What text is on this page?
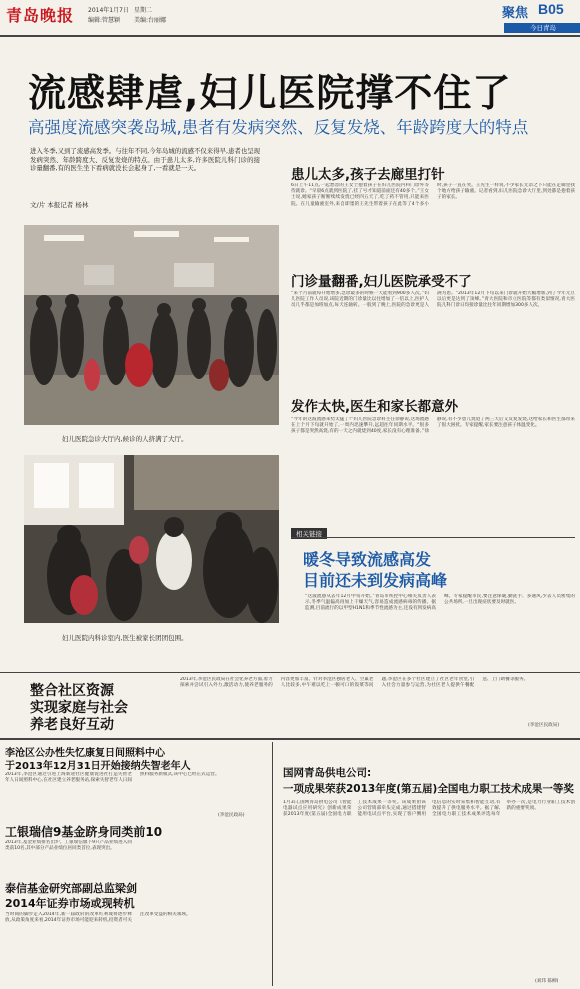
青岛晚报 2014年1月7日 星期二
编辑:管慧颖 美编:台丽娜	聚焦 B05
今日青岛
流感肆虐,妇儿医院撑不住了
高强度流感突袭岛城,患者有发病突然、反复发烧、年龄跨度大的特点
进入冬季,又到了流感高发季。与往年不同,今年岛城的流感不仅来得早,患者也呈现发病突然、年龄跨度大、反复发烧的特点。由于患儿太多,许多医院儿科门诊的接诊量翻番,有的医生坐下看病就没长会起身了,一看就是一天。
文/片 本报记者 杨林
妇儿医院急诊大厅内,候诊的人挤满了大厅。
妇儿医院内科诊室内,医生被家长团团包围。
患儿太多,孩子去廊里打针
6日上午11点,一起愁容的王女士抱着孩子在妇儿医院内科门诊外等待就诊。“早晨6点就到医院了,挂了号才知道前面还有40多个。”王女士说,她家孩子断断续续发烧已经四五天了,吃了药不管用,只能来医院。在儿童输液室外,来自即墨的王先生带着孩子在此等了4个多小时,孩子一直在哭。王先生一样说,不少家长无奈之下只能在走廊里找个地方给孩子输液。记者看到,妇儿医院急诊大厅里,到处都是抱着孩子的家长。
门诊量翻番,妇儿医院承受不了
“来个月前就每开始增多,急诊最多的时候一天能看到900多人次。”妇儿医院工作人员说,该院近期的门诊量比以往增加了一倍以上,医护人员几乎都是加班加点,每天连轴转。一般到了晚上,医院的急诊更是人满为患。“2013年12月下旬以来门诊就开始大幅增加,到了今年元旦以后更是达到了顶峰。”青大医院和市立医院等都有类似情况,青大医院儿科门诊日均接诊量比往年同期增加300多人次。
发作太快,医生和家长都意外
“今年的这波流感来势太猛了!”妇儿医院急诊科主任徐静说,这场流感在上个月下旬就开始了,一周内迅速攀升,远超往年同期水平。“很多孩子都是突然高烧,有的一天之内就烧到40度,家长没有心理准备。”徐静说,有不少患儿烧退了两三天后又反复发烧,这给家长和医生都带来了很大困扰。专家提醒,家长要注意孩子体温变化。
相关链接
暖冬导致流感高发
目前还未到发病高峰
“这波流感从去年12月中旬开始。”青岛市疾控中心相关负责人表示,冬季气温偏高再加上干燥天气,容易造成流感病毒的传播。据监测,目前流行的以甲型H1N1和季节性流感为主,还没有到发病高峰。专家提醒市民,要注意保暖,勤洗手、多通风,少去人员密集的公共场所,一旦出现症状要及时就医。
整合社区资源
实现家庭与社会
养老良好互动
2013年,李沧区民政局在社会化养老方面,着力探索并尝试引入外力,激活动力,使养老服务的内容更加丰富。针对李沧区独居老人、空巢老人比较多,中午难以吃上一顿可口的饭菜等问题,李沧区在多个社区建立了社区老年食堂,引入社会力量参与运营,为社区老人提供午餐配送、上门助餐等服务。
(李沧区民政局)
李沧区公办性失忆康复日间照料中心
于2013年12月31日开始接纳失智老年人
2013年,李沧区通过引进上海新途社区健康促进社打造失智老年人日间照料中心,在社区建立养老服务站,探索失智老年人日间照料服务新模式,该中心已经正式运营。
(李沧民政局)
工银瑞信9基金跻身同类前10
2013年,基金业绩排名出炉。工银瑞信旗下9只产品业绩进入同类前10名,其中部分产品业绩位居同类首位,表现突出。
泰信基金研究部副总监梁剑
2014年证券市场或现转机
当时间的脚步走入2014年,新一届政府的改革红利或将逐步释放,从政策角度来看,2014年证券市场可能迎来转机,投资者可关注改革受益的相关领域。
国网青岛供电公司:
一项成果荣获2013年度(第五届)全国电力职工技术成果一等奖
1月3日,国网青岛供电公司《智能电器试点应用研究》创新成果荣获2013年度(第五届)全国电力职工技术成果一等奖。该成果由该公司营销部牵头完成,通过搭建智能用电试点平台,实现了客户侧用电信息的实时采集和智能互动,有效提升了供电服务水平。据了解,全国电力职工技术成果评选每年举办一次,是电力行业职工技术创新的重要奖项。
(刘玮 陈柳)
